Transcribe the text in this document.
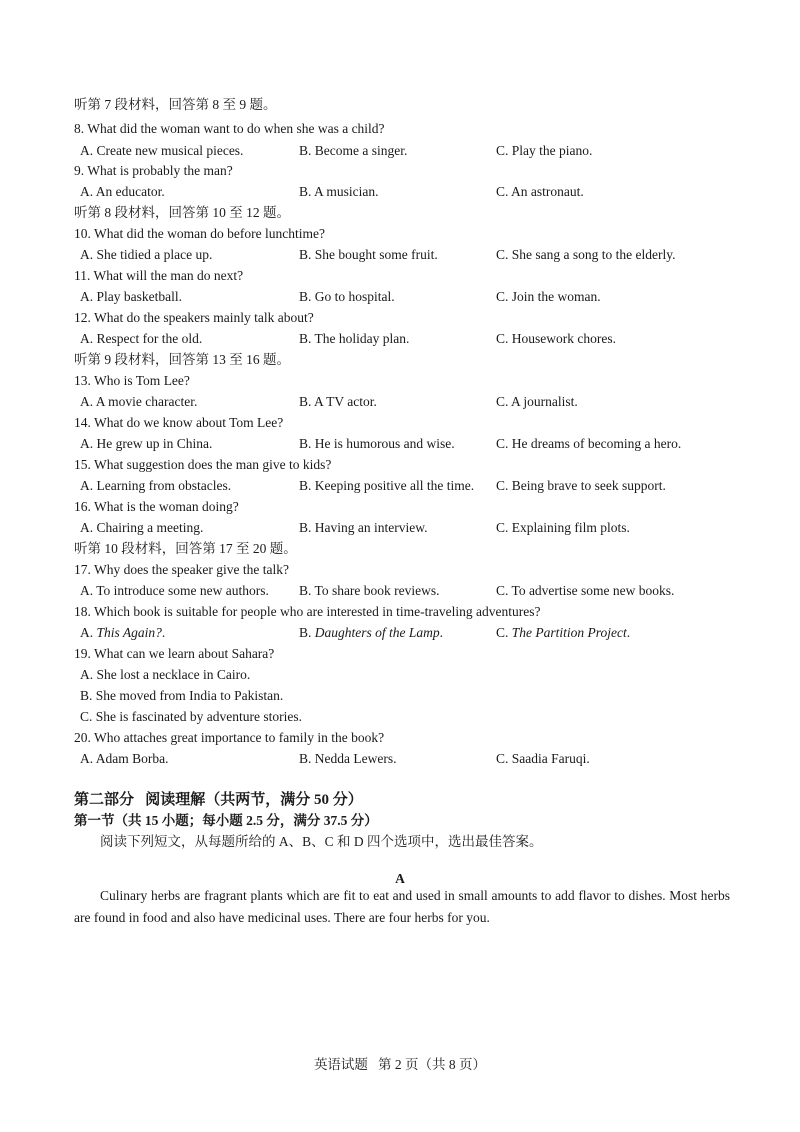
听第 7 段材料，回答第 8 至 9 题。
8. What did the woman want to do when she was a child?
A. Create new musical pieces.	B. Become a singer.	C. Play the piano.
9. What is probably the man?
A. An educator.	B. A musician.	C. An astronaut.
听第 8 段材料，回答第 10 至 12 题。
10. What did the woman do before lunchtime?
A. She tidied a place up.	B. She bought some fruit.	C. She sang a song to the elderly.
11. What will the man do next?
A. Play basketball.	B. Go to hospital.	C. Join the woman.
12. What do the speakers mainly talk about?
A. Respect for the old.	B. The holiday plan.	C. Housework chores.
听第 9 段材料，回答第 13 至 16 题。
13. Who is Tom Lee?
A. A movie character.	B. A TV actor.	C. A journalist.
14. What do we know about Tom Lee?
A. He grew up in China.	B. He is humorous and wise.	C. He dreams of becoming a hero.
15. What suggestion does the man give to kids?
A. Learning from obstacles.	B. Keeping positive all the time. C. Being brave to seek support.
16. What is the woman doing?
A. Chairing a meeting.	B. Having an interview.	C. Explaining film plots.
听第 10 段材料，回答第 17 至 20 题。
17. Why does the speaker give the talk?
A. To introduce some new authors. B. To share book reviews.	C. To advertise some new books.
18. Which book is suitable for people who are interested in time-traveling adventures?
A. This Again?.	B. Daughters of the Lamp.	C. The Partition Project.
19. What can we learn about Sahara?
A. She lost a necklace in Cairo.
B. She moved from India to Pakistan.
C. She is fascinated by adventure stories.
20. Who attaches great importance to family in the book?
A. Adam Borba.	B. Nedda Lewers.	C. Saadia Faruqi.
第二部分   阅读理解（共两节，满分 50 分）
第一节（共 15 小题；每小题 2.5 分，满分 37.5 分）
阅读下列短文，从每题所给的 A、B、C 和 D 四个选项中，选出最佳答案。
A
Culinary herbs are fragrant plants which are fit to eat and used in small amounts to add flavor to dishes. Most herbs are found in food and also have medicinal uses. There are four herbs for you.
英语试题   第 2 页（共 8 页）
